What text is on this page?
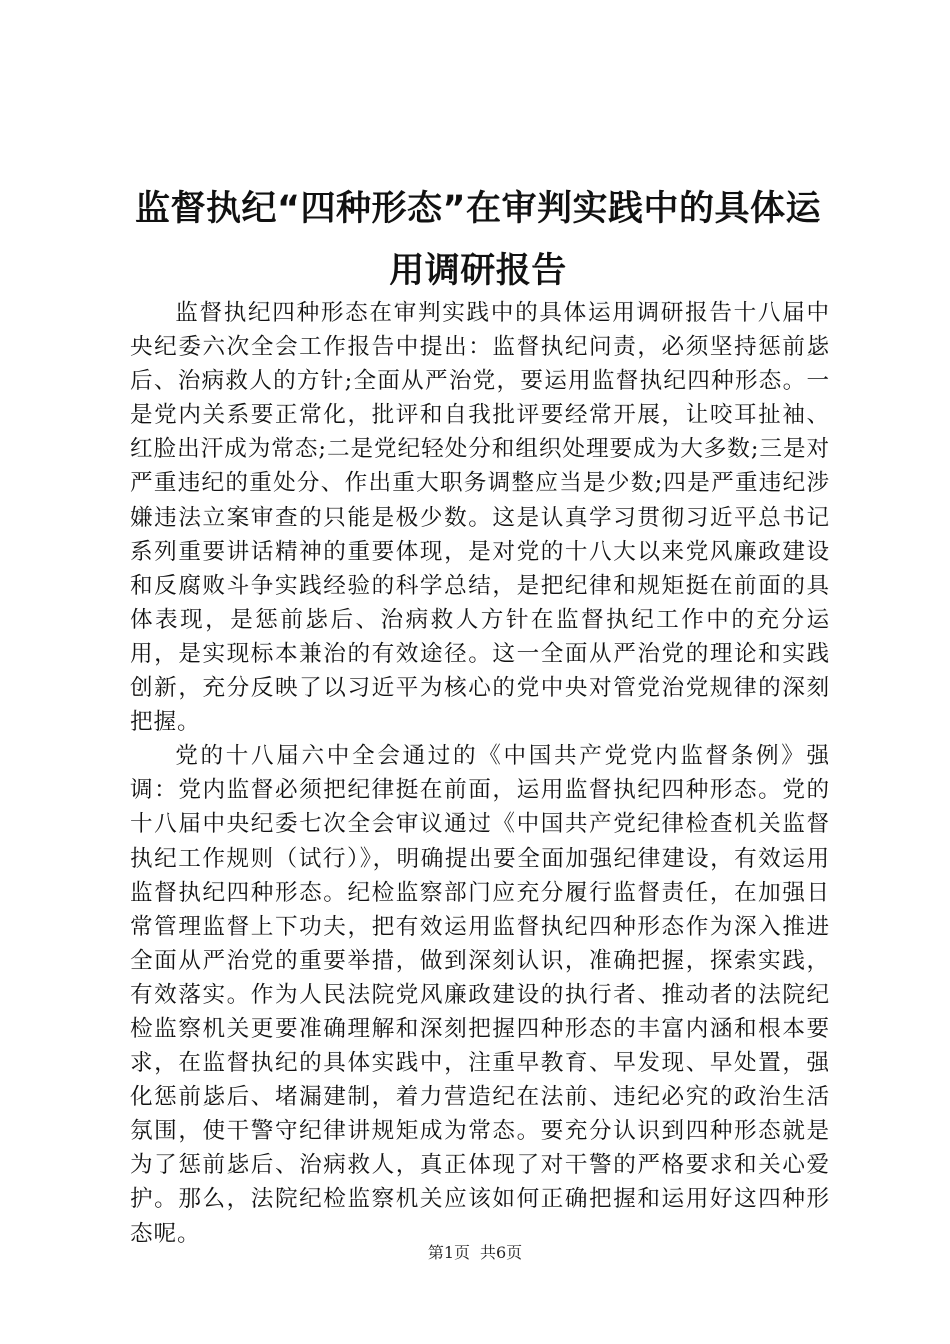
监督执纪“四种形态”在审判实践中的具体运用调研报告

监督执纪四种形态在审判实践中的具体运用调研报告十八届中央纪委六次全会工作报告中提出：监督执纪问责，必须坚持惩前毖后、治病救人的方针;全面从严治党，要运用监督执纪四种形态。一是党内关系要正常化，批评和自我批评要经常开展，让咬耳扯袖、红脸出汗成为常态;二是党纪轻处分和组织处理要成为大多数;三是对严重违纪的重处分、作出重大职务调整应当是少数;四是严重违纪涉嫌违法立案审查的只能是极少数。这是认真学习贯彻习近平总书记系列重要讲话精神的重要体现，是对党的十八大以来党风廉政建设和反腐败斗争实践经验的科学总结，是把纪律和规矩挺在前面的具体表现，是惩前毖后、治病救人方针在监督执纪工作中的充分运用，是实现标本兼治的有效途径。这一全面从严治党的理论和实践创新，充分反映了以习近平为核心的党中央对管党治党规律的深刻把握。

党的十八届六中全会通过的《中国共产党党内监督条例》强调：党内监督必须把纪律挺在前面，运用监督执纪四种形态。党的十八届中央纪委七次全会审议通过《中国共产党纪律检查机关监督执纪工作规则（试行）》，明确提出要全面加强纪律建设，有效运用监督执纪四种形态。纪检监察部门应充分履行监督责任，在加强日常管理监督上下功夫，把有效运用监督执纪四种形态作为深入推进全面从严治党的重要举措，做到深刻认识，准确把握，探索实践，有效落实。作为人民法院党风廉政建设的执行者、推动者的法院纪检监察机关更要准确理解和深刻把握四种形态的丰富内涵和根本要求，在监督执纪的具体实践中，注重早教育、早发现、早处置，强化惩前毖后、堵漏建制，着力营造纪在法前、违纪必究的政治生活氛围，使干警守纪律讲规矩成为常态。要充分认识到四种形态就是为了惩前毖后、治病救人，真正体现了对干警的严格要求和关心爱护。那么，法院纪检监察机关应该如何正确把握和运用好这四种形态呢。

第1页 共6页
